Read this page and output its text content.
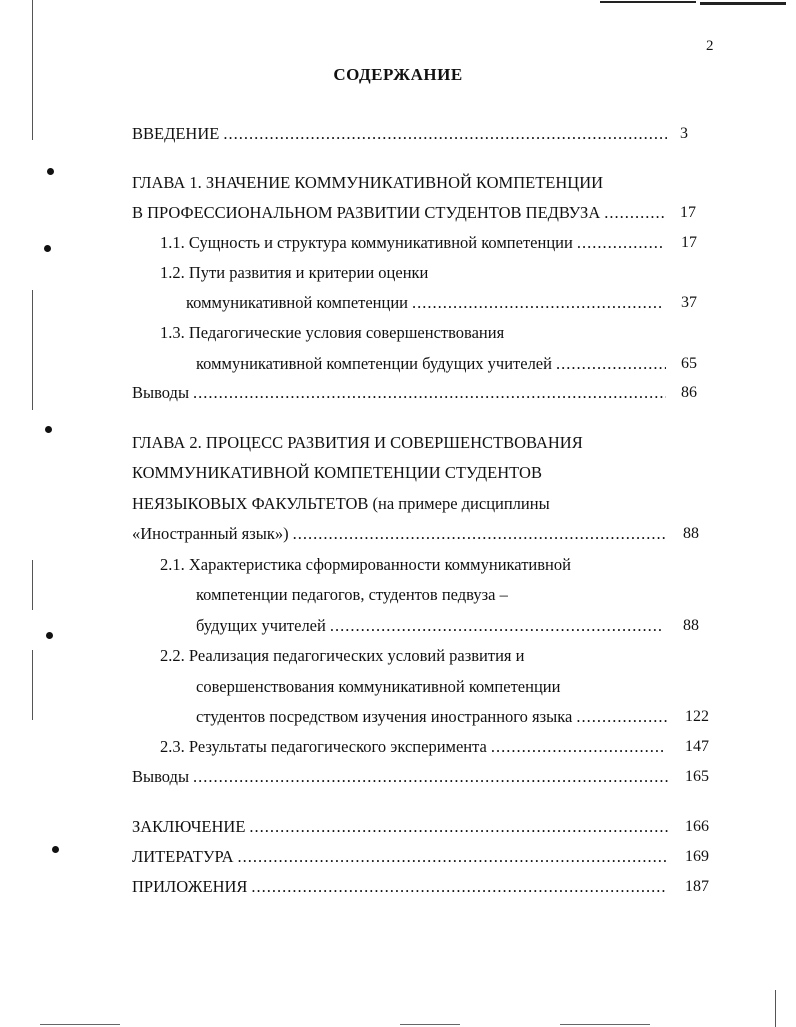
2
СОДЕРЖАНИЕ
ВВЕДЕНИЕ .....	3
ГЛАВА 1. ЗНАЧЕНИЕ КОММУНИКАТИВНОЙ КОМПЕТЕНЦИИ
В ПРОФЕССИОНАЛЬНОМ РАЗВИТИИ СТУДЕНТОВ ПЕДВУЗА .....	17
1.1. Сущность и структура коммуникативной компетенции .....	17
1.2. Пути развития и критерии оценки
коммуникативной компетенции .....	37
1.3. Педагогические условия совершенствования
коммуникативной компетенции будущих учителей .....	65
Выводы .....	86
ГЛАВА 2. ПРОЦЕСС РАЗВИТИЯ И СОВЕРШЕНСТВОВАНИЯ
КОММУНИКАТИВНОЙ КОМПЕТЕНЦИИ СТУДЕНТОВ
НЕЯЗЫКОВЫХ ФАКУЛЬТЕТОВ (на примере дисциплины
«Иностранный язык») .....	88
2.1. Характеристика сформированности коммуникативной
компетенции педагогов, студентов педвуза –
будущих учителей .....	88
2.2. Реализация педагогических условий развития и
совершенствования коммуникативной компетенции
студентов посредством изучения иностранного языка .....	122
2.3. Результаты педагогического эксперимента .....	147
Выводы .....	165
ЗАКЛЮЧЕНИЕ .....	166
ЛИТЕРАТУРА .....	169
ПРИЛОЖЕНИЯ .....	187
